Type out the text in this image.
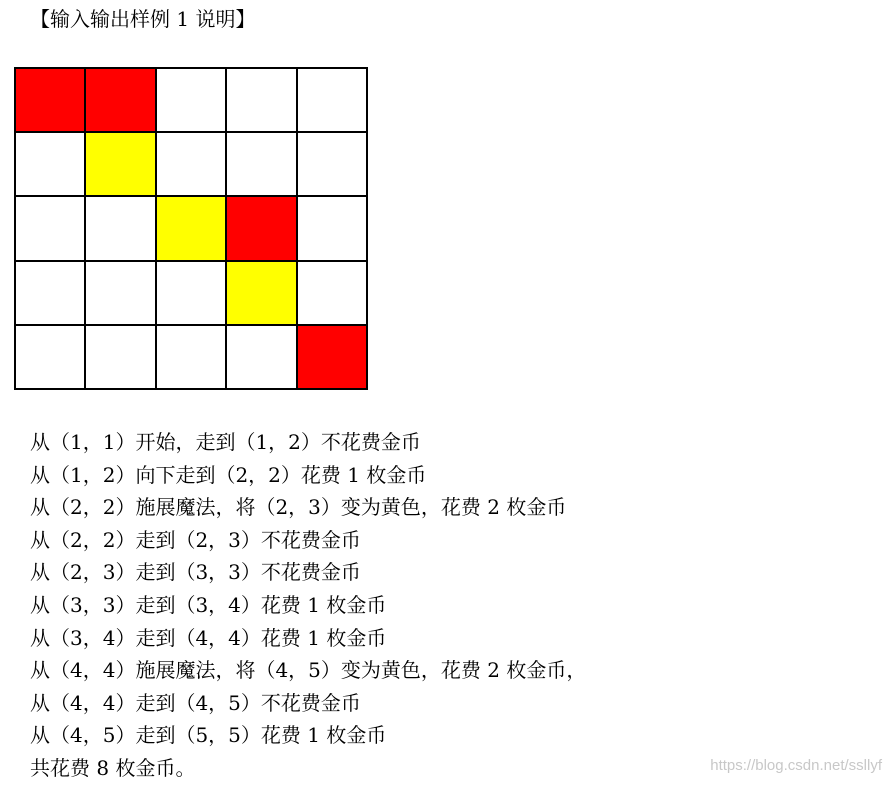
【输入输出样例 1 说明】
从（1，1）开始，走到（1，2）不花费金币
从（1，2）向下走到（2，2）花费 1 枚金币
从（2，2）施展魔法，将（2，3）变为黄色，花费 2 枚金币
从（2，2）走到（2，3）不花费金币
从（2，3）走到（3，3）不花费金币
从（3，3）走到（3，4）花费 1 枚金币
从（3，4）走到（4，4）花费 1 枚金币
从（4，4）施展魔法，将（4，5）变为黄色，花费 2 枚金币，
从（4，4）走到（4，5）不花费金币
从（4，5）走到（5，5）花费 1 枚金币
共花费 8 枚金币。	https://blog.csdn.net/ssllyf
